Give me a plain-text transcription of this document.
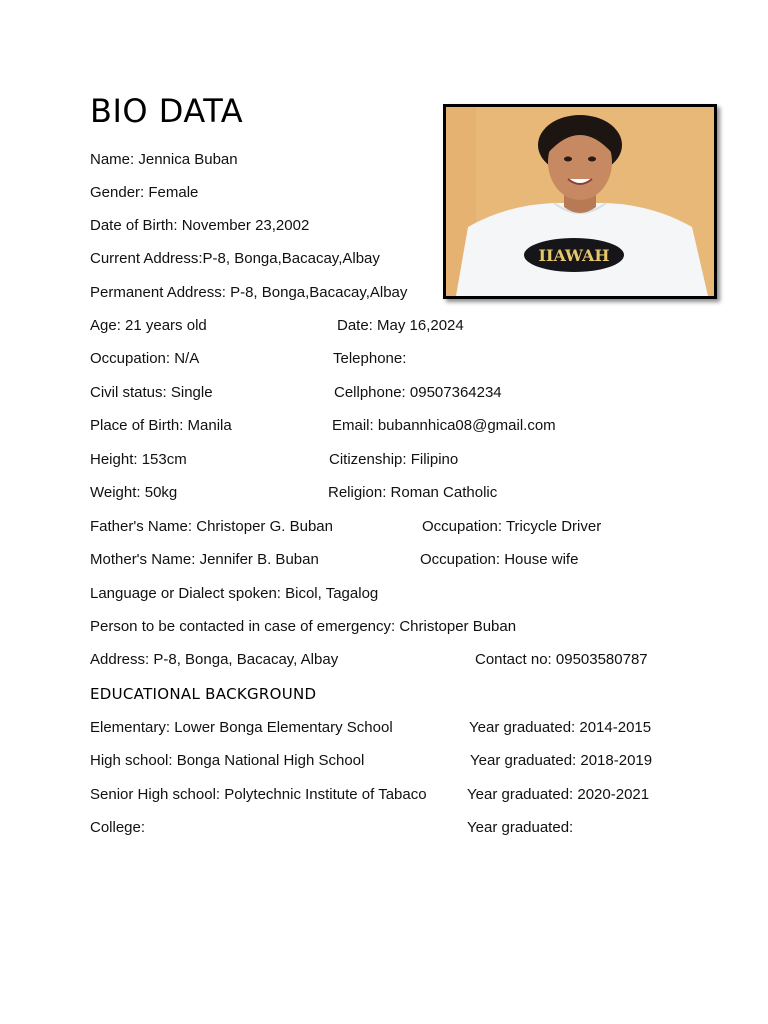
BIO DATA
IIAWAH
Name: Jennica Buban
Gender: Female
Date of Birth: November 23,2002
Current Address:P-8, Bonga,Bacacay,Albay
Permanent Address: P-8, Bonga,Bacacay,Albay
Age: 21 years old	Date: May 16,2024
Occupation: N/A	Telephone:
Civil status: Single	Cellphone: 09507364234
Place of Birth: Manila	Email: bubannhica08@gmail.com
Height: 153cm	Citizenship: Filipino
Weight: 50kg	Religion: Roman Catholic
Father's Name: Christoper G. Buban	Occupation: Tricycle Driver
Mother's Name: Jennifer B. Buban	Occupation: House wife
Language or Dialect spoken: Bicol, Tagalog
Person to be contacted in case of emergency: Christoper Buban
Address: P-8, Bonga, Bacacay, Albay	Contact no: 09503580787
EDUCATIONAL BACKGROUND
Elementary: Lower Bonga Elementary School	Year graduated: 2014-2015
High school: Bonga National High School	Year graduated: 2018-2019
Senior High school: Polytechnic Institute of Tabaco	Year graduated: 2020-2021
College:	Year graduated:
